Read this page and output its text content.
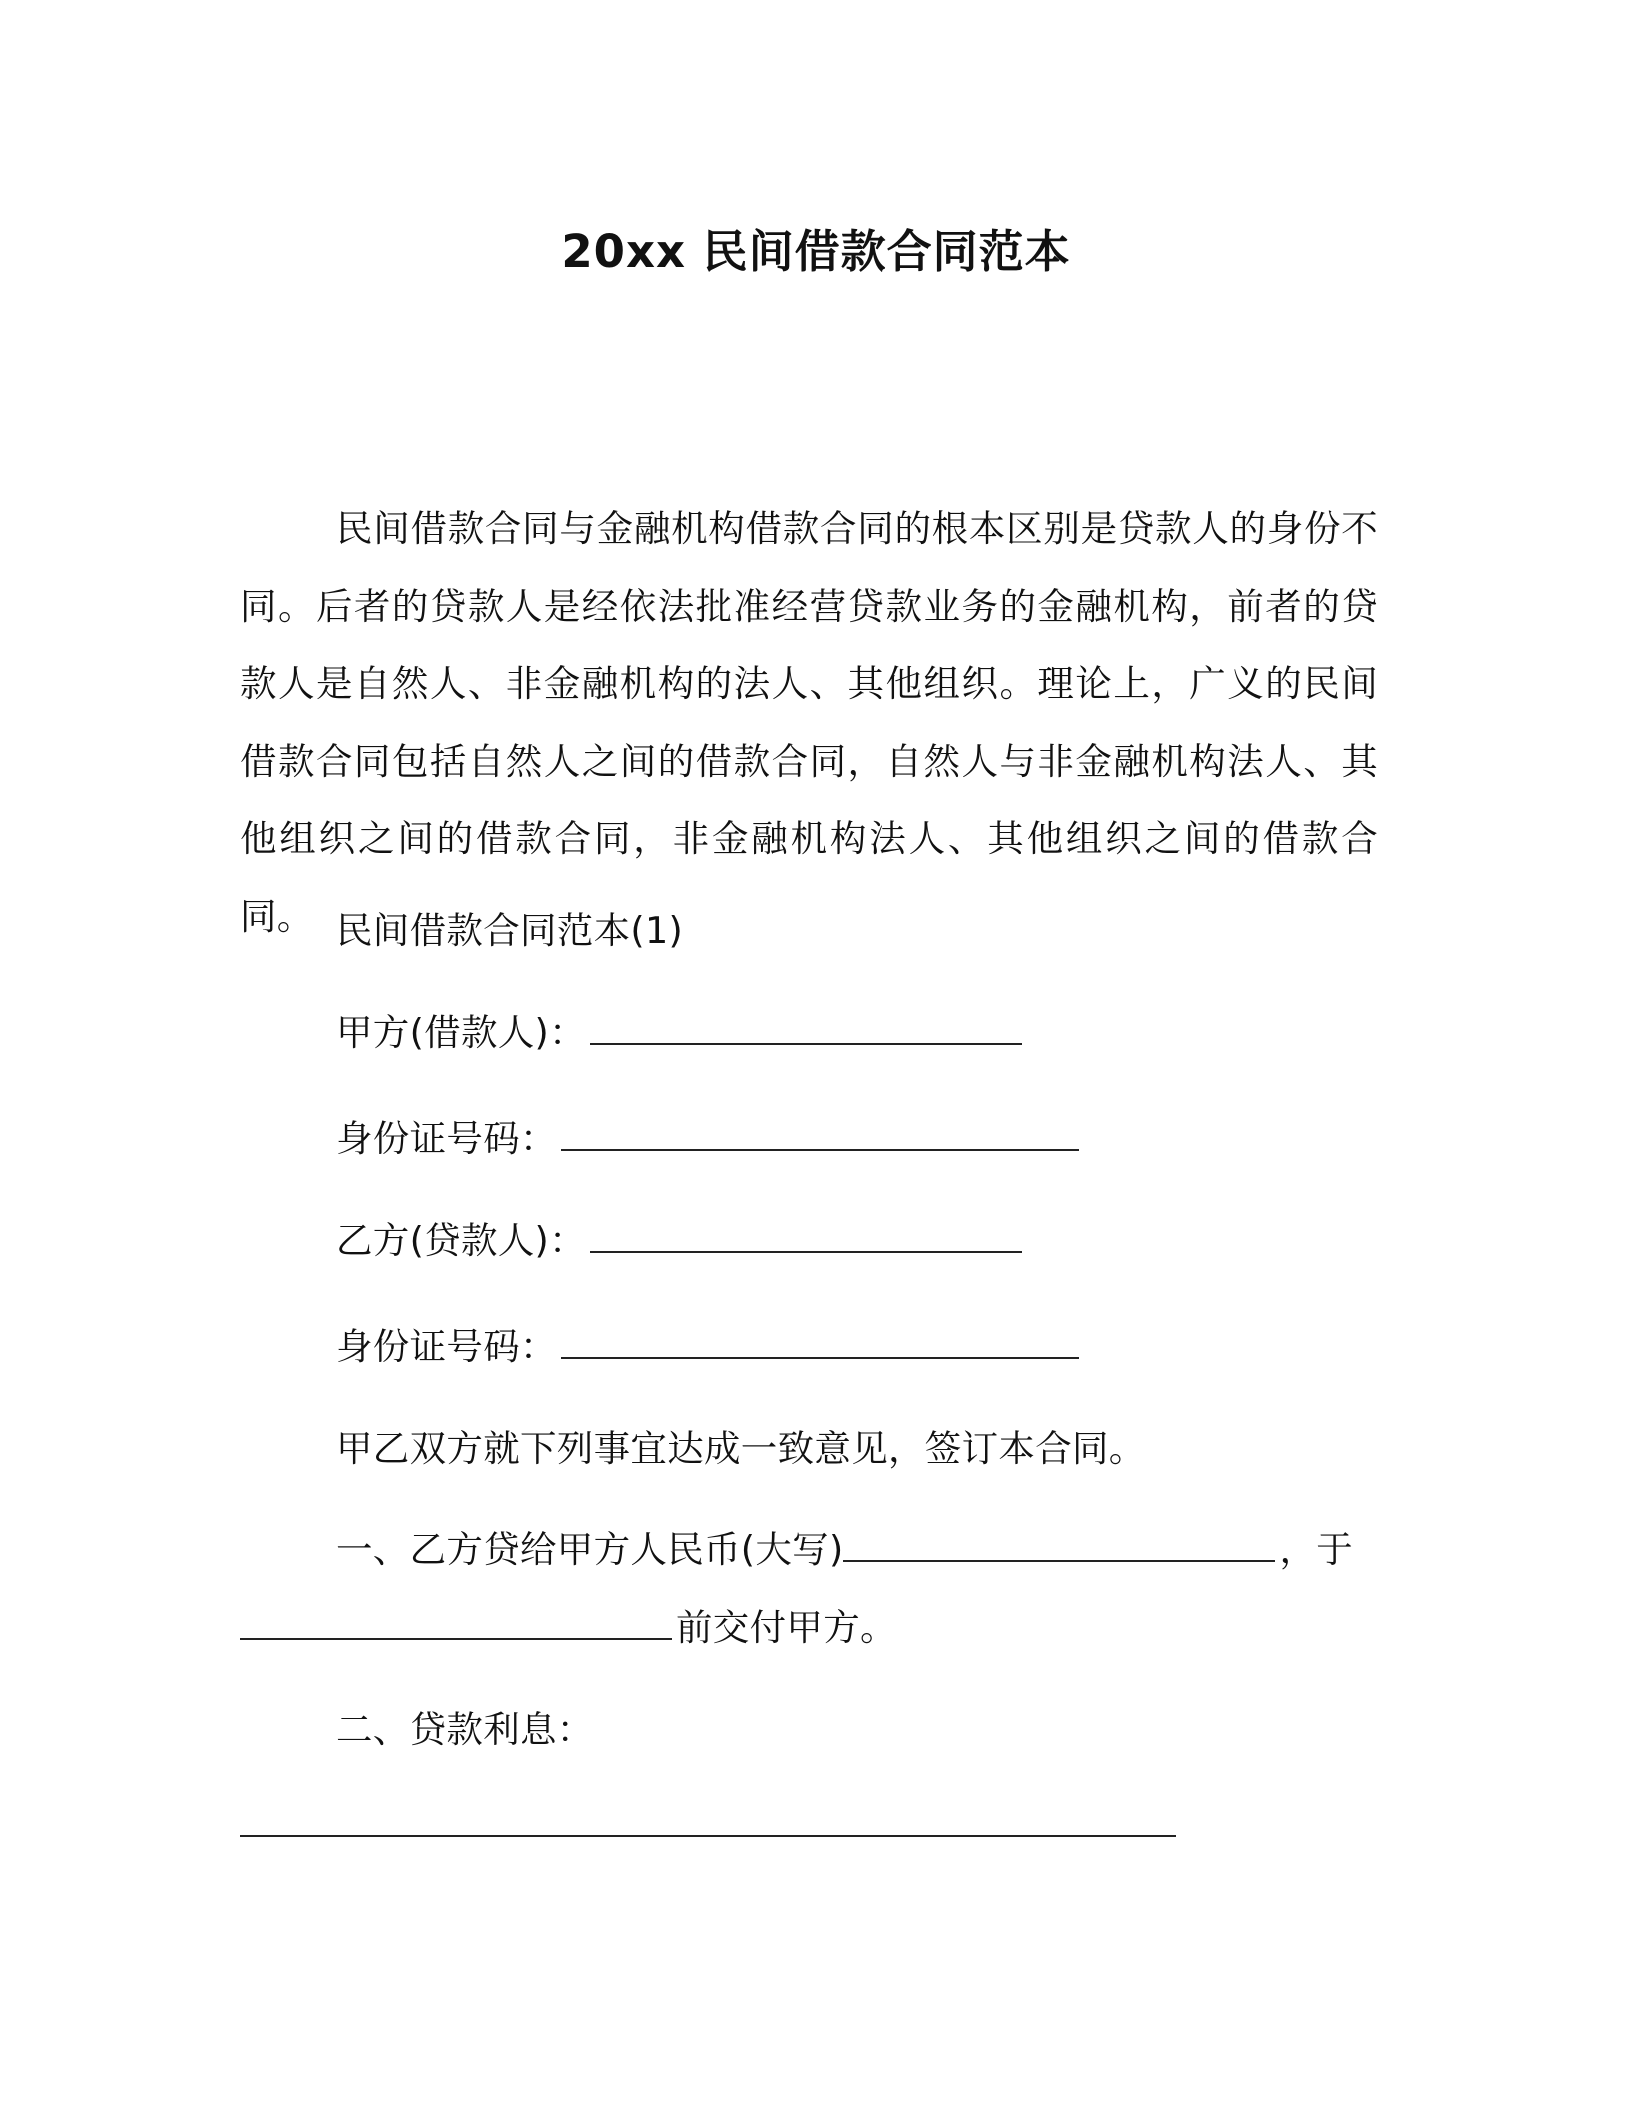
20xx 民间借款合同范本
民间借款合同与金融机构借款合同的根本区别是贷款人的身份不同。后者的贷款人是经依法批准经营贷款业务的金融机构，前者的贷款人是自然人、非金融机构的法人、其他组织。理论上，广义的民间借款合同包括自然人之间的借款合同，自然人与非金融机构法人、其他组织之间的借款合同，非金融机构法人、其他组织之间的借款合同。 民间借款合同范本(1)
甲方(借款人)：
身份证号码：
乙方(贷款人)：
身份证号码：
甲乙双方就下列事宜达成一致意见，签订本合同。
一、乙方贷给甲方人民币(大写)	，于
前交付甲方。
二、贷款利息：
